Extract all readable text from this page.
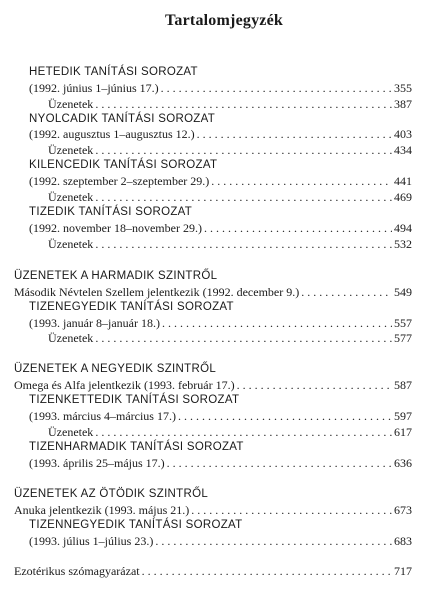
Tartalomjegyzék
HETEDIK TANÍTÁSI SOROZAT
(1992. június 1–június 17.) . . .	355
Üzenetek . . .	387
NYOLCADIK TANÍTÁSI SOROZAT
(1992. augusztus 1–augusztus 12.) . . .	403
Üzenetek . . .	434
KILENCEDIK TANÍTÁSI SOROZAT
(1992. szeptember 2–szeptember 29.) . . .	441
Üzenetek . . .	469
TIZEDIK TANÍTÁSI SOROZAT
(1992. november 18–november 29.) . . .	494
Üzenetek . . .	532
ÜZENETEK A HARMADIK SZINTRŐL
Második Névtelen Szellem jelentkezik (1992. december 9.) . . .	549
TIZENEGYEDIK TANÍTÁSI SOROZAT
(1993. január 8–január 18.) . . .	557
Üzenetek . . .	577
ÜZENETEK A NEGYEDIK SZINTRŐL
Omega és Alfa jelentkezik (1993. február 17.) . . .	587
TIZENKETTEDIK TANÍTÁSI SOROZAT
(1993. március 4–március 17.) . . .	597
Üzenetek . . .	617
TIZENHARMADIK TANÍTÁSI SOROZAT
(1993. április 25–május 17.) . . .	636
ÜZENETEK AZ ÖTÖDIK SZINTRŐL
Anuka jelentkezik (1993. május 21.) . . .	673
TIZENNEGYEDIK TANÍTÁSI SOROZAT
(1993. július 1–július 23.) . . .	683
Ezotérikus szómagyarázat . . .	717
